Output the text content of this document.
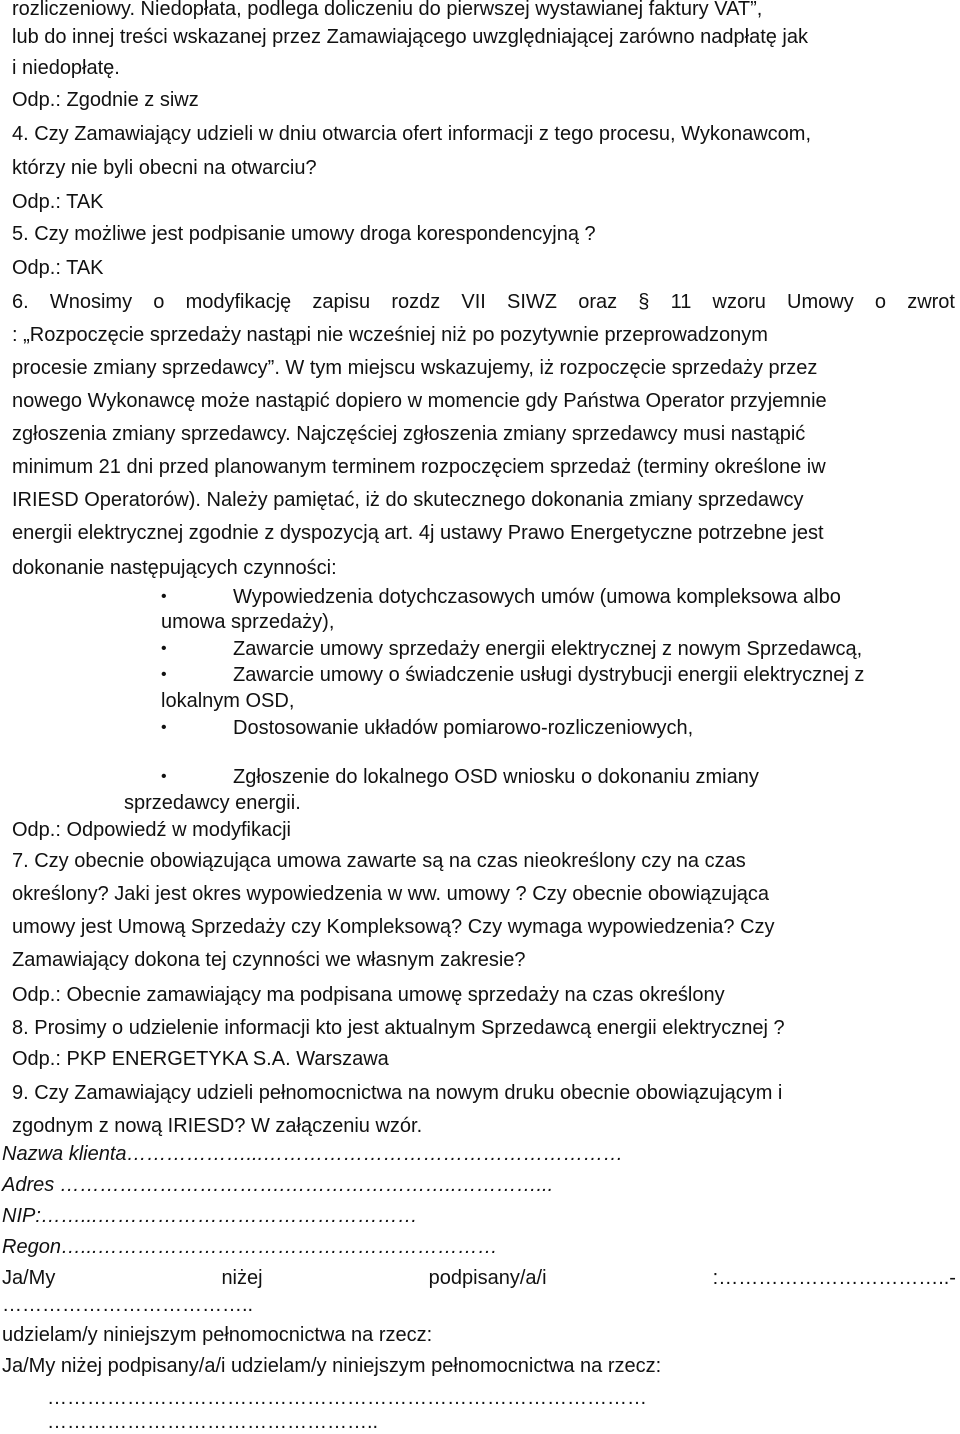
rozliczeniowy. Niedopłata, podlega doliczeniu do pierwszej wystawianej faktury VAT”,
lub do innej treści wskazanej przez Zamawiającego uwzględniającej zarówno nadpłatę jak
i niedopłatę.
Odp.: Zgodnie z siwz
4. Czy Zamawiający udzieli w dniu otwarcia ofert informacji z tego procesu, Wykonawcom,
którzy nie byli obecni na otwarciu?
Odp.: TAK
5. Czy możliwe jest podpisanie umowy droga korespondencyjną ?
Odp.: TAK
6. Wnosimy o modyfikację zapisu rozdz VII SIWZ oraz § 11 wzoru Umowy o zwrot
: „Rozpoczęcie sprzedaży nastąpi nie wcześniej niż po pozytywnie przeprowadzonym
procesie zmiany sprzedawcy”. W tym miejscu wskazujemy, iż rozpoczęcie sprzedaży przez
nowego Wykonawcę może nastąpić dopiero w momencie gdy Państwa Operator przyjemnie
zgłoszenia zmiany sprzedawcy. Najczęściej zgłoszenia zmiany sprzedawcy musi nastąpić
minimum 21 dni przed planowanym terminem rozpoczęciem sprzedaż (terminy określone iw
IRIESD Operatorów). Należy pamiętać, iż do skutecznego dokonania zmiany sprzedawcy
energii elektrycznej zgodnie z dyspozycją art. 4j ustawy Prawo Energetyczne potrzebne jest
dokonanie następujących czynności:
•	Wypowiedzenia dotychczasowych umów (umowa kompleksowa albo
umowa sprzedaży),
•	Zawarcie umowy sprzedaży energii elektrycznej z nowym Sprzedawcą,
•	Zawarcie umowy o świadczenie usługi dystrybucji energii elektrycznej z
lokalnym OSD,
•	Dostosowanie układów pomiarowo-rozliczeniowych,
•	Zgłoszenie do lokalnego OSD wniosku o dokonaniu zmiany
sprzedawcy energii.
Odp.: Odpowiedź w modyfikacji
7. Czy obecnie obowiązująca umowa zawarte są na czas nieokreślony czy na czas
określony? Jaki jest okres wypowiedzenia w ww. umowy ? Czy obecnie obowiązująca
umowy jest Umową Sprzedaży czy Kompleksową? Czy wymaga wypowiedzenia? Czy
Zamawiający dokona tej czynności we własnym zakresie?
Odp.: Obecnie zamawiający ma podpisana umowę sprzedaży na czas określony
8. Prosimy o udzielenie informacji kto jest aktualnym Sprzedawcą energii elektrycznej ?
Odp.: PKP ENERGETYKA S.A. Warszawa
9. Czy Zamawiający udzieli pełnomocnictwa na nowym druku obecnie obowiązującym i
zgodnym z nową IRIESD? W załączeniu wzór.
Nazwa klienta………………...………………………………………………
Adres …………………………….……………………..…………...
NIP:……...…………………………………………
Regon…...……………………………………………………
Ja/My	niżej	podpisany/a/i	:……………………………..-
………………………………..
udzielam/y niniejszym pełnomocnictwa na rzecz:
Ja/My niżej podpisany/a/i udzielam/y niniejszym pełnomocnictwa na rzecz:
………………………………………………………………………………
…………………………………………..
